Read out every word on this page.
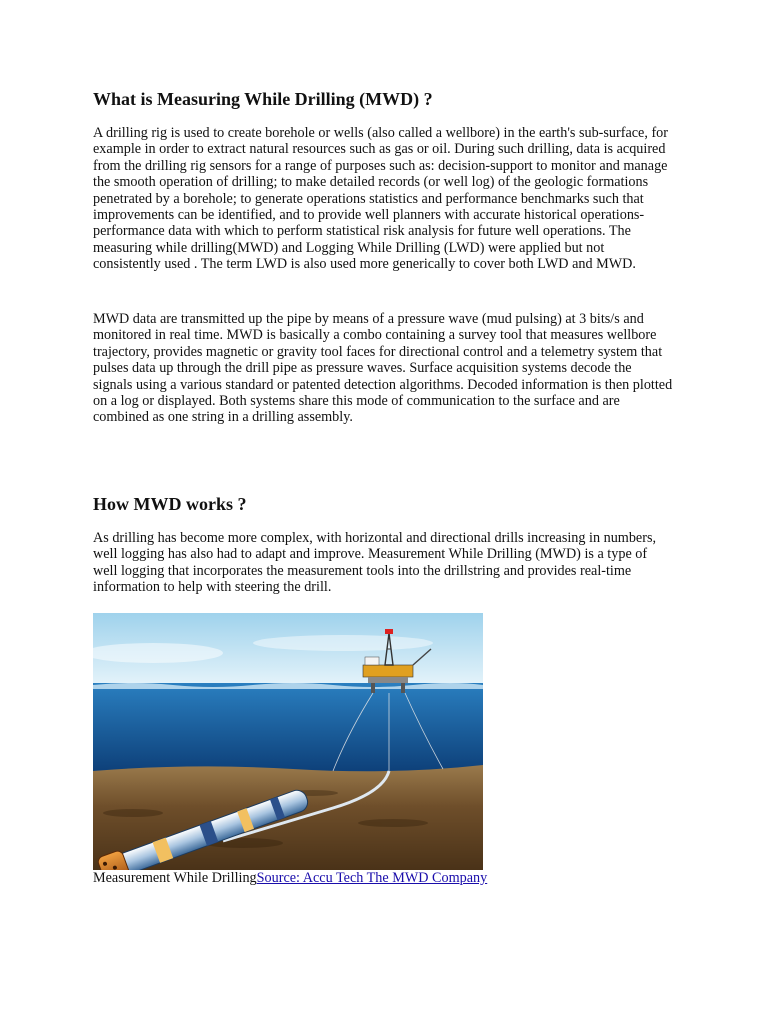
What is Measuring While Drilling (MWD) ?

A drilling rig is used to create borehole or wells (also called a wellbore) in the earth's sub-surface, for example in order to extract natural resources such as gas or oil. During such drilling, data is acquired from the drilling rig sensors for a range of purposes such as: decision-support to monitor and manage the smooth operation of drilling; to make detailed records (or well log) of the geologic formations penetrated by a borehole; to generate operations statistics and performance benchmarks such that improvements can be identified, and to provide well planners with accurate historical operations-performance data with which to perform statistical risk analysis for future well operations. The measuring while drilling(MWD) and Logging While Drilling (LWD) were applied but not consistently used . The term LWD is also used more generically to cover both LWD and MWD.

MWD data are transmitted up the pipe by means of a pressure wave (mud pulsing) at 3 bits/s and monitored in real time. MWD is basically a combo containing a survey tool that measures wellbore trajectory, provides magnetic or gravity tool faces for directional control and a telemetry system that pulses data up through the drill pipe as pressure waves. Surface acquisition systems decode the signals using a various standard or patented detection algorithms. Decoded information is then plotted on a log or displayed. Both systems share this mode of communication to the surface and are combined as one string in a drilling assembly.

How MWD works ?

As drilling has become more complex, with horizontal and directional drills increasing in numbers, well logging has also had to adapt and improve. Measurement While Drilling (MWD) is a type of well logging that incorporates the measurement tools into the drillstring and provides real-time information to help with steering the drill.

Measurement While DrillingSource: Accu Tech The MWD Company
